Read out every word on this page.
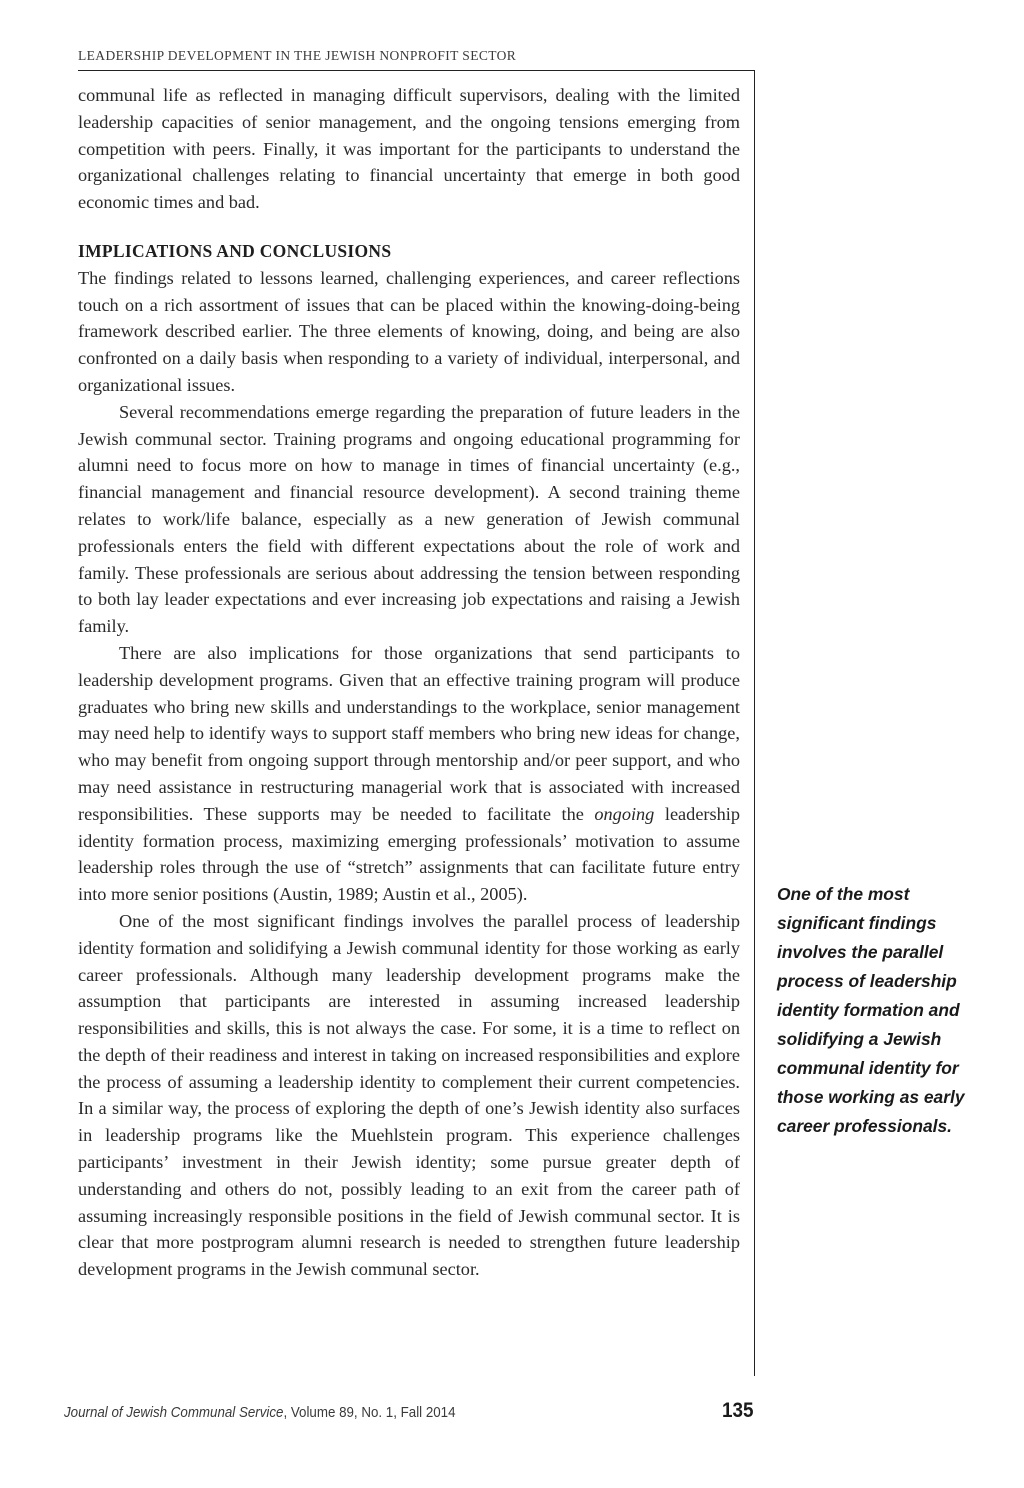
LEADERSHIP DEVELOPMENT IN THE JEWISH NONPROFIT SECTOR

communal life as reflected in managing difficult supervisors, dealing with the limited leadership capacities of senior management, and the ongoing tensions emerging from competition with peers. Finally, it was important for the participants to understand the organizational challenges relating to financial uncertainty that emerge in both good economic times and bad.

IMPLICATIONS AND CONCLUSIONS

The findings related to lessons learned, challenging experiences, and career reflections touch on a rich assortment of issues that can be placed within the knowing-doing-being framework described earlier. The three elements of knowing, doing, and being are also confronted on a daily basis when responding to a variety of individual, interpersonal, and organizational issues.

Several recommendations emerge regarding the preparation of future leaders in the Jewish communal sector. Training programs and ongoing educational programming for alumni need to focus more on how to manage in times of financial uncertainty (e.g., financial management and financial resource development). A second training theme relates to work/life balance, especially as a new generation of Jewish communal professionals enters the field with different expectations about the role of work and family. These professionals are serious about addressing the tension between responding to both lay leader expectations and ever increasing job expectations and raising a Jewish family.

There are also implications for those organizations that send participants to leadership development programs. Given that an effective training program will produce graduates who bring new skills and understandings to the workplace, senior management may need help to identify ways to support staff members who bring new ideas for change, who may benefit from ongoing support through mentorship and/or peer support, and who may need assistance in restructuring managerial work that is associated with increased responsibilities. These supports may be needed to facilitate the ongoing leadership identity formation process, maximizing emerging professionals’ motivation to assume leadership roles through the use of “stretch” assignments that can facilitate future entry into more senior positions (Austin, 1989; Austin et al., 2005).

One of the most significant findings involves the parallel process of leadership identity formation and solidifying a Jewish communal identity for those working as early career professionals. Although many leadership development programs make the assumption that participants are interested in assuming increased leadership responsibilities and skills, this is not always the case. For some, it is a time to reflect on the depth of their readiness and interest in taking on increased responsibilities and explore the process of assuming a leadership identity to complement their current competencies. In a similar way, the process of exploring the depth of one’s Jewish identity also surfaces in leadership programs like the Muehlstein program. This experience challenges participants’ investment in their Jewish identity; some pursue greater depth of understanding and others do not, possibly leading to an exit from the career path of assuming increasingly responsible positions in the field of Jewish communal sector. It is clear that more postprogram alumni research is needed to strengthen future leadership development programs in the Jewish communal sector.

One of the most significant findings involves the parallel process of leadership identity formation and solidifying a Jewish communal identity for those working as early career professionals.
Journal of Jewish Communal Service, Volume 89, No. 1, Fall 2014	135
